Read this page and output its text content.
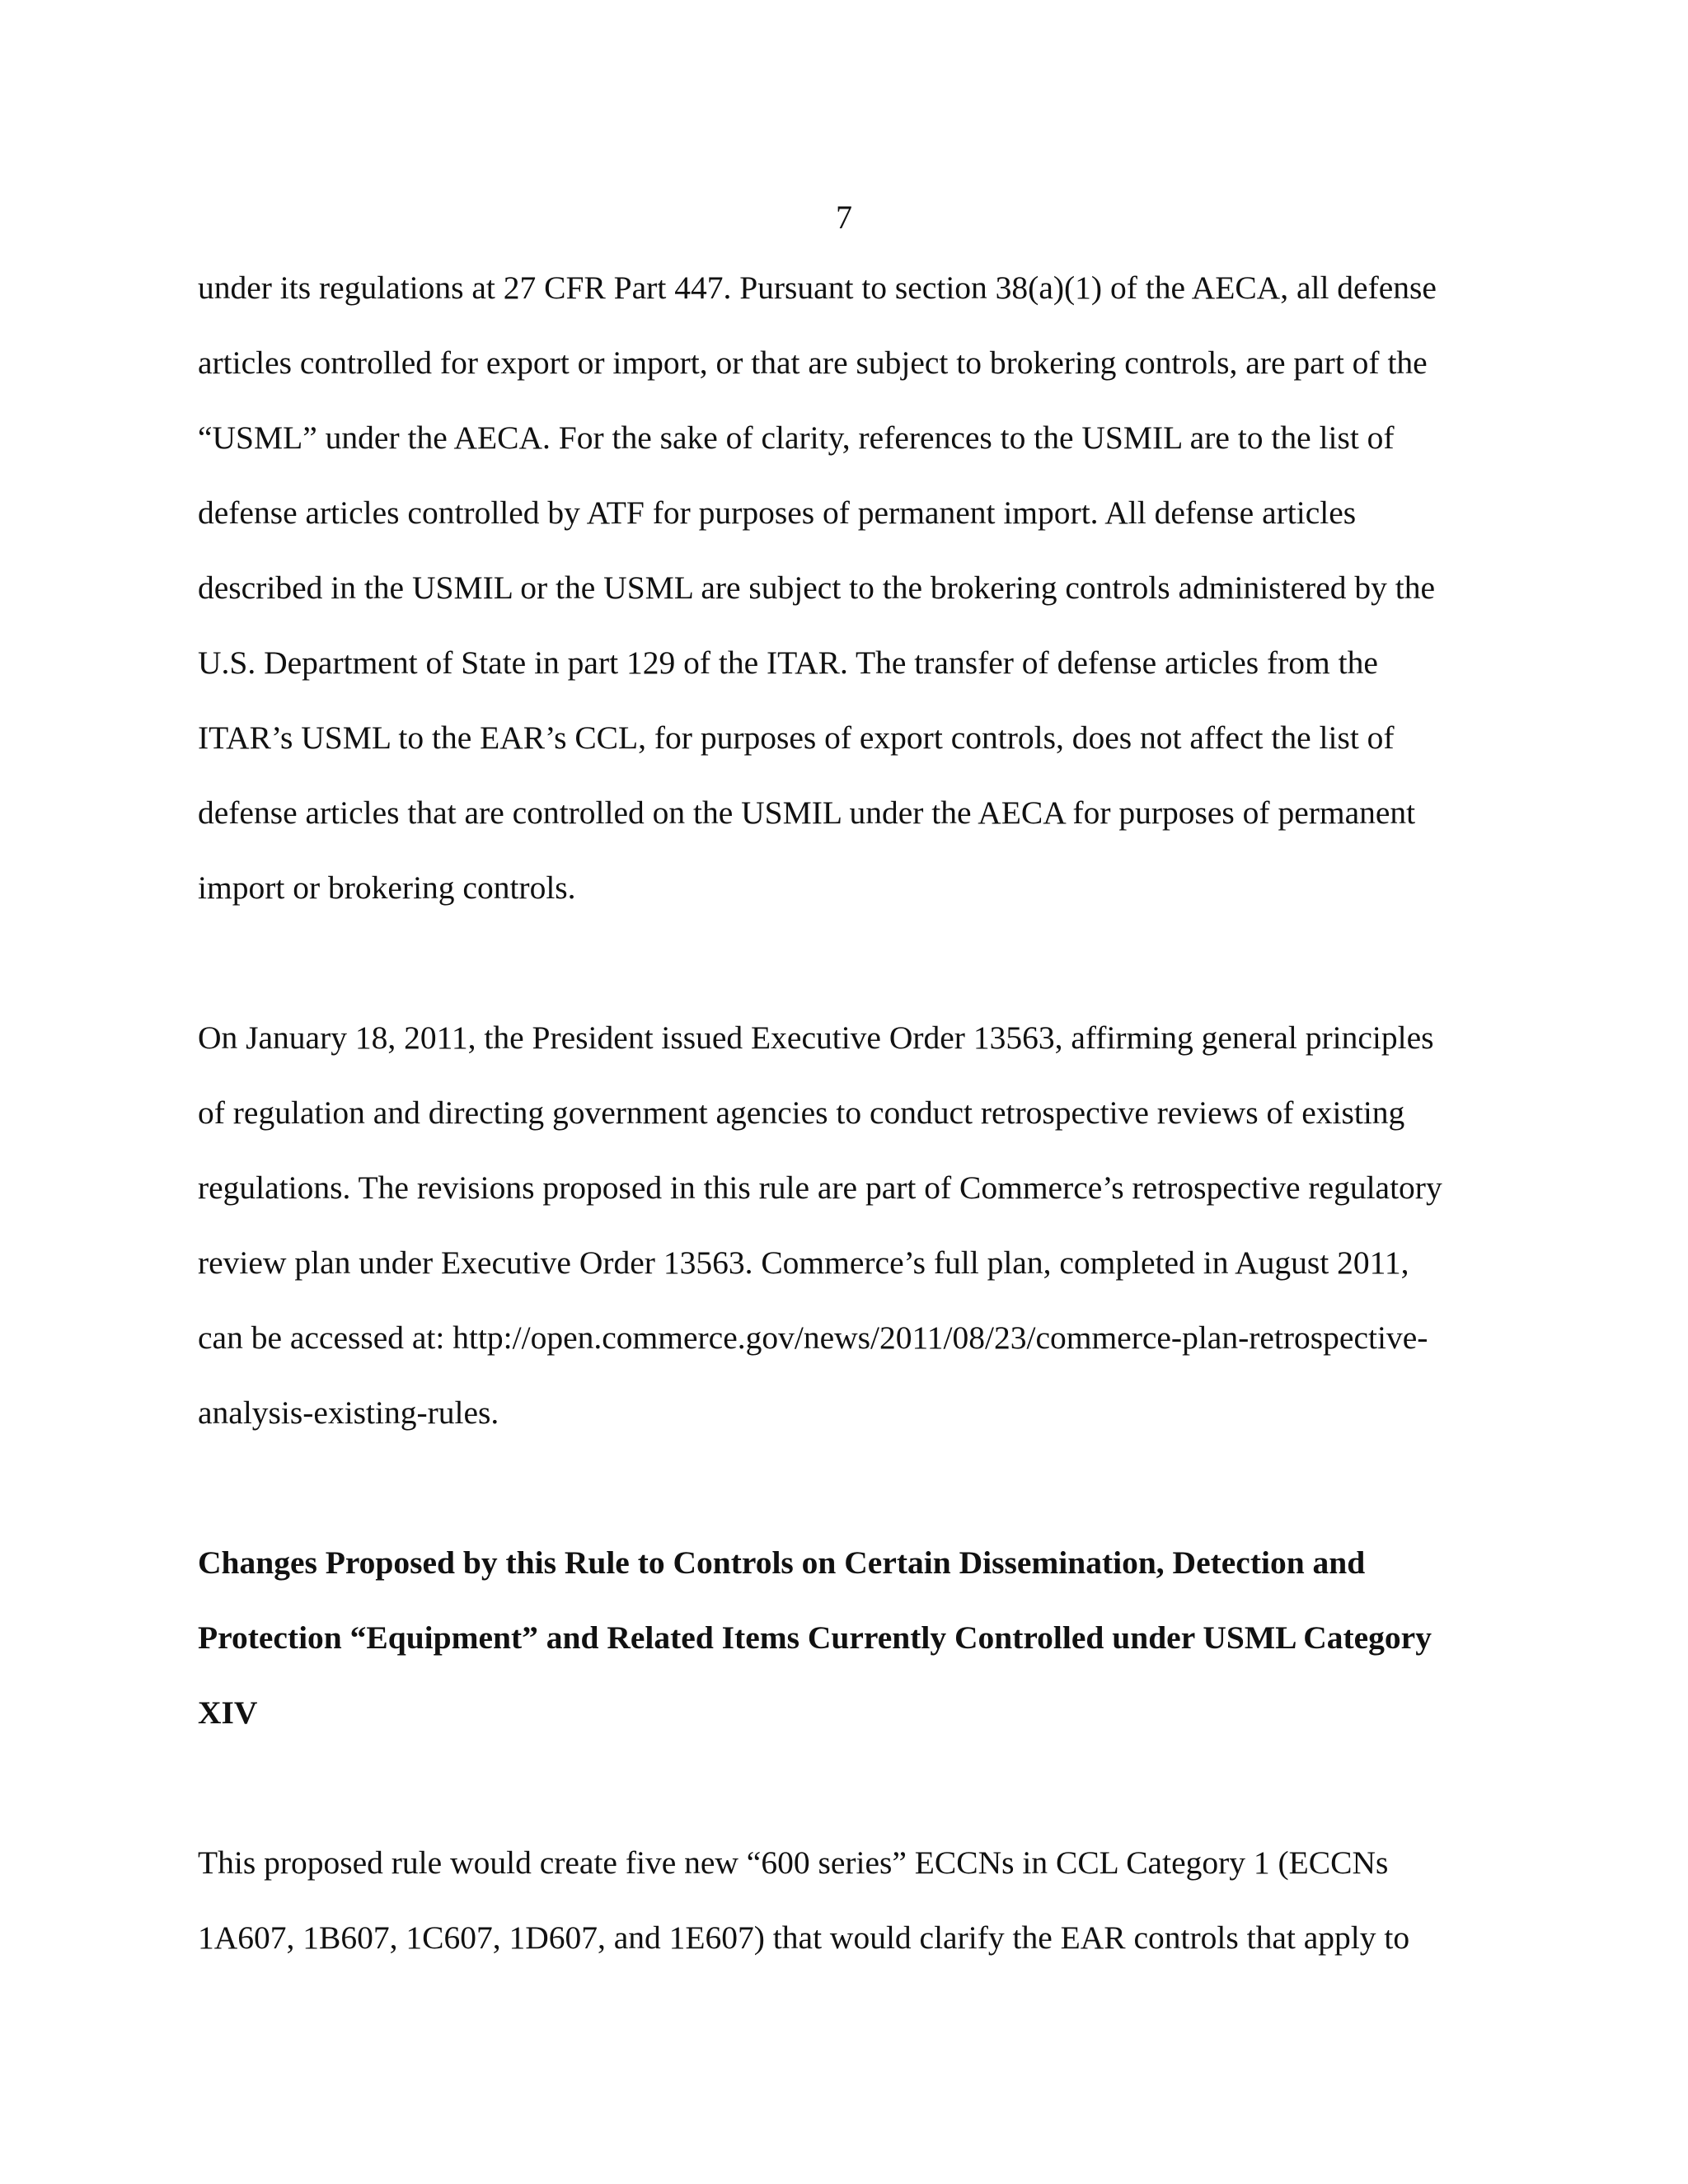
7
under its regulations at 27 CFR Part 447. Pursuant to section 38(a)(1) of the AECA, all defense
articles controlled for export or import, or that are subject to brokering controls, are part of the
“USML” under the AECA. For the sake of clarity, references to the USMIL are to the list of
defense articles controlled by ATF for purposes of permanent import. All defense articles
described in the USMIL or the USML are subject to the brokering controls administered by the
U.S. Department of State in part 129 of the ITAR. The transfer of defense articles from the
ITAR’s USML to the EAR’s CCL, for purposes of export controls, does not affect the list of
defense articles that are controlled on the USMIL under the AECA for purposes of permanent
import or brokering controls.
On January 18, 2011, the President issued Executive Order 13563, affirming general principles
of regulation and directing government agencies to conduct retrospective reviews of existing
regulations. The revisions proposed in this rule are part of Commerce’s retrospective regulatory
review plan under Executive Order 13563. Commerce’s full plan, completed in August 2011,
can be accessed at: http://open.commerce.gov/news/2011/08/23/commerce-plan-retrospective-
analysis-existing-rules.
Changes Proposed by this Rule to Controls on Certain Dissemination, Detection and
Protection “Equipment” and Related Items Currently Controlled under USML Category
XIV
This proposed rule would create five new “600 series” ECCNs in CCL Category 1 (ECCNs
1A607, 1B607, 1C607, 1D607, and 1E607) that would clarify the EAR controls that apply to
